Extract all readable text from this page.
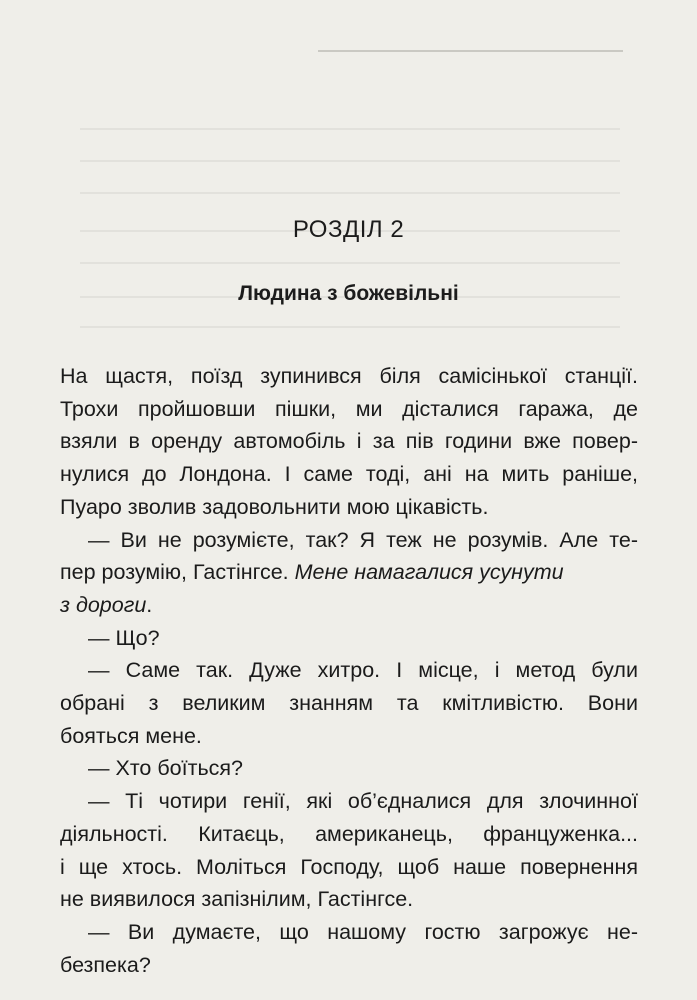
РОЗДІЛ 2
Людина з божевільні
На щастя, поїзд зупинився біля самісінької станції.
Трохи пройшовши пішки, ми дісталися гаража, де
взяли в оренду автомобіль і за пів години вже повер-
нулися до Лондона. І саме тоді, ані на мить раніше,
Пуаро зволив задовольнити мою цікавість.
— Ви не розумієте, так? Я теж не розумів. Але те-
пер розумію, Гастінгсе. Мене намагалися усунути
з дороги.
— Що?
— Саме так. Дуже хитро. І місце, і метод були
обрані з великим знанням та кмітливістю. Вони
бояться мене.
— Хто боїться?
— Ті чотири генії, які об’єдналися для злочинної
діяльності. Китаєць, американець, француженка...
і ще хтось. Моліться Господу, щоб наше повернення
не виявилося запізнілим, Гастінгсе.
— Ви думаєте, що нашому гостю загрожує не-
безпека?
